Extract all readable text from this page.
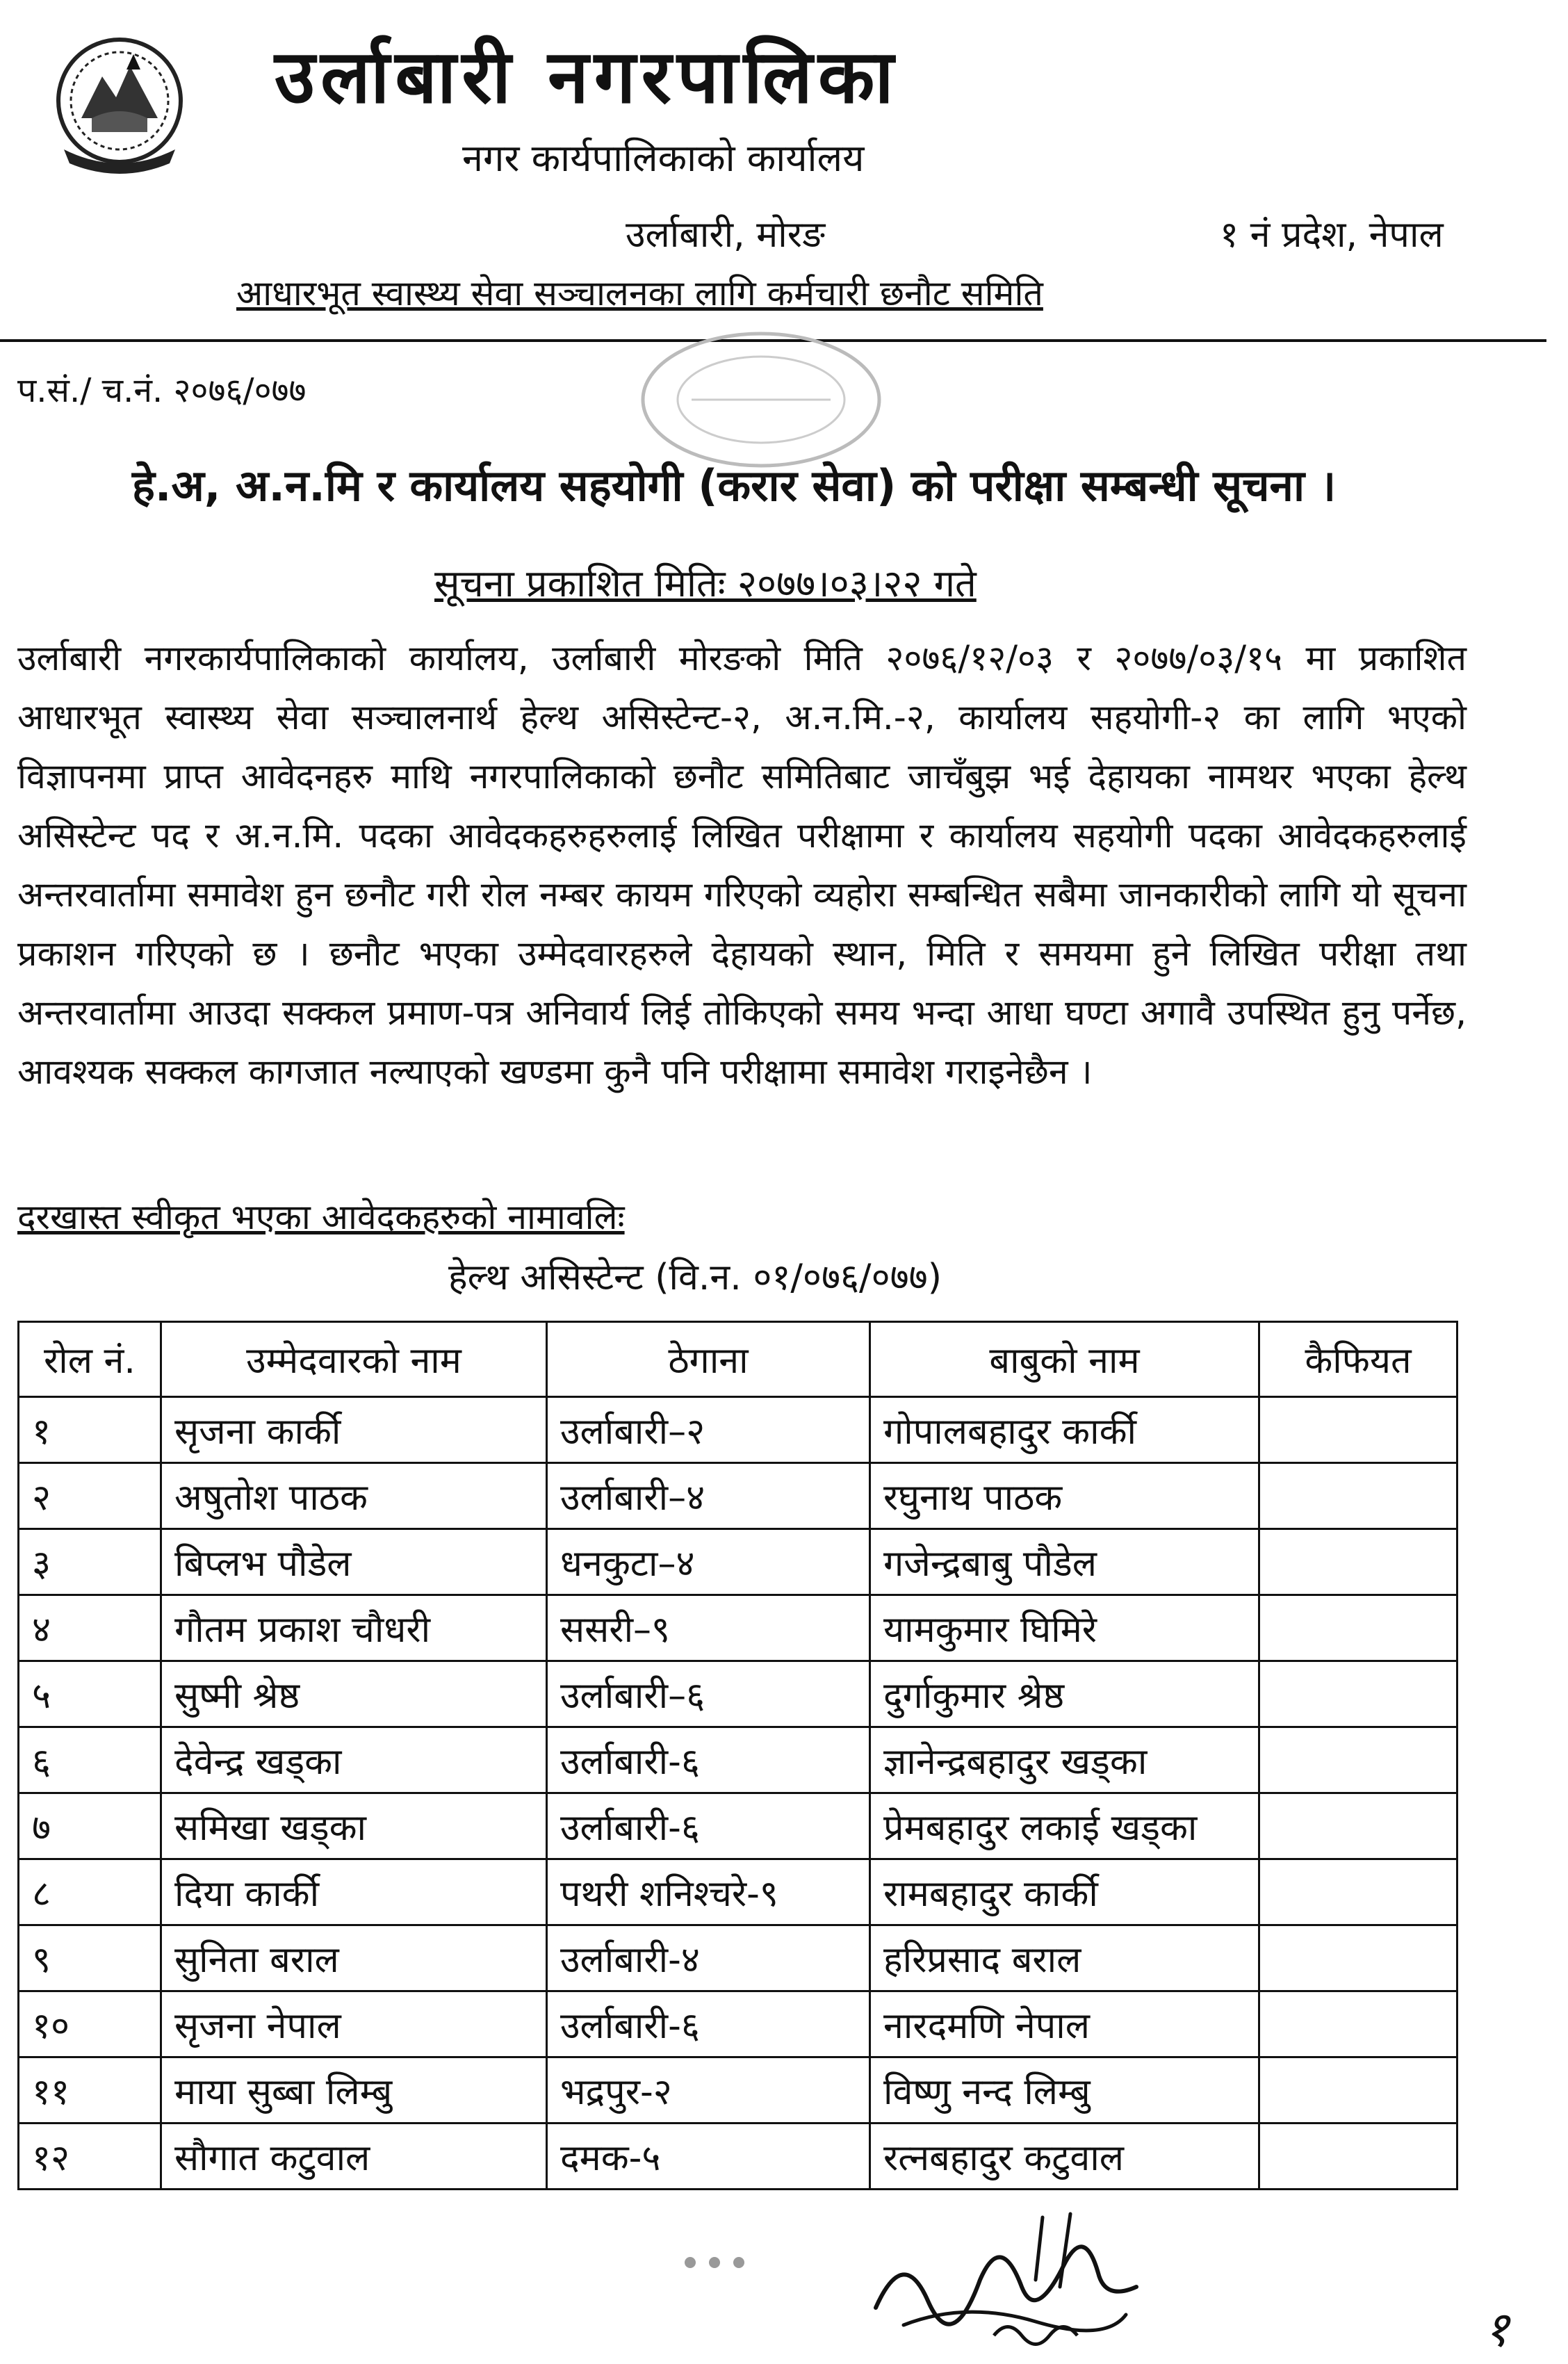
उर्लाबारी नगरपालिका
नगर कार्यपालिकाको कार्यालय
उर्लाबारी, मोरङ	१ नं प्रदेश, नेपाल
आधारभूत स्वास्थ्य सेवा सञ्चालनका लागि कर्मचारी छनौट समिति
प.सं./ च.नं. २०७६/०७७
हे.अ, अ.न.मि र कार्यालय सहयोगी (करार सेवा) को परीक्षा सम्बन्धी सूचना ।
सूचना प्रकाशित मितिः २०७७।०३।२२ गते
उर्लाबारी नगरकार्यपालिकाको कार्यालय, उर्लाबारी मोरङको मिति २०७६/१२/०३ र २०७७/०३/१५ मा प्रकाशित आधारभूत स्वास्थ्य सेवा सञ्चालनार्थ हेल्थ असिस्टेन्ट-२, अ.न.मि.-२, कार्यालय सहयोगी-२ का लागि भएको विज्ञापनमा प्राप्त आवेदनहरु माथि नगरपालिकाको छनौट समितिबाट जाचँबुझ भई देहायका नामथर भएका हेल्थ असिस्टेन्ट पद र अ.न.मि. पदका आवेदकहरुहरुलाई लिखित परीक्षामा र कार्यालय सहयोगी पदका आवेदकहरुलाई अन्तरवार्तामा समावेश हुन छनौट गरी रोल नम्बर कायम गरिएको व्यहोरा सम्बन्धित सबैमा जानकारीको लागि यो सूचना प्रकाशन गरिएको छ । छनौट भएका उम्मेदवारहरुले देहायको स्थान, मिति र समयमा हुने लिखित परीक्षा तथा अन्तरवार्तामा आउदा सक्कल प्रमाण-पत्र अनिवार्य लिई तोकिएको समय भन्दा आधा घण्टा अगावै उपस्थित हुनु पर्नेछ, आवश्यक सक्कल कागजात नल्याएको खण्डमा कुनै पनि परीक्षामा समावेश गराइनेछैन ।
दरखास्त स्वीकृत भएका आवेदकहरुको नामावलिः
हेल्थ असिस्टेन्ट (वि.न. ०१/०७६/०७७)
रोल नं.	उम्मेदवारको नाम	ठेगाना	बाबुको नाम	कैफियत
१	सृजना कार्की	उर्लाबारी–२	गोपालबहादुर कार्की	
२	अषुतोश पाठक	उर्लाबारी–४	रघुनाथ पाठक	
३	बिप्लभ पौडेल	धनकुटा–४	गजेन्द्रबाबु पौडेल	
४	गौतम प्रकाश चौधरी	ससरी–९	यामकुमार घिमिरे	
५	सुष्मी श्रेष्ठ	उर्लाबारी–६	दुर्गाकुमार श्रेष्ठ	
६	देवेन्द्र खड्का	उर्लाबारी-६	ज्ञानेन्द्रबहादुर खड्का	
७	समिखा खड्का	उर्लाबारी-६	प्रेमबहादुर लकाई खड्का	
८	दिया कार्की	पथरी शनिश्चरे-९	रामबहादुर कार्की	
९	सुनिता बराल	उर्लाबारी-४	हरिप्रसाद बराल	
१०	सृजना नेपाल	उर्लाबारी-६	नारदमणि नेपाल	
११	माया सुब्बा लिम्बु	भद्रपुर-२	विष्णु नन्द लिम्बु	
१२	सौगात कटुवाल	दमक-५	रत्नबहादुर कटुवाल	
१
